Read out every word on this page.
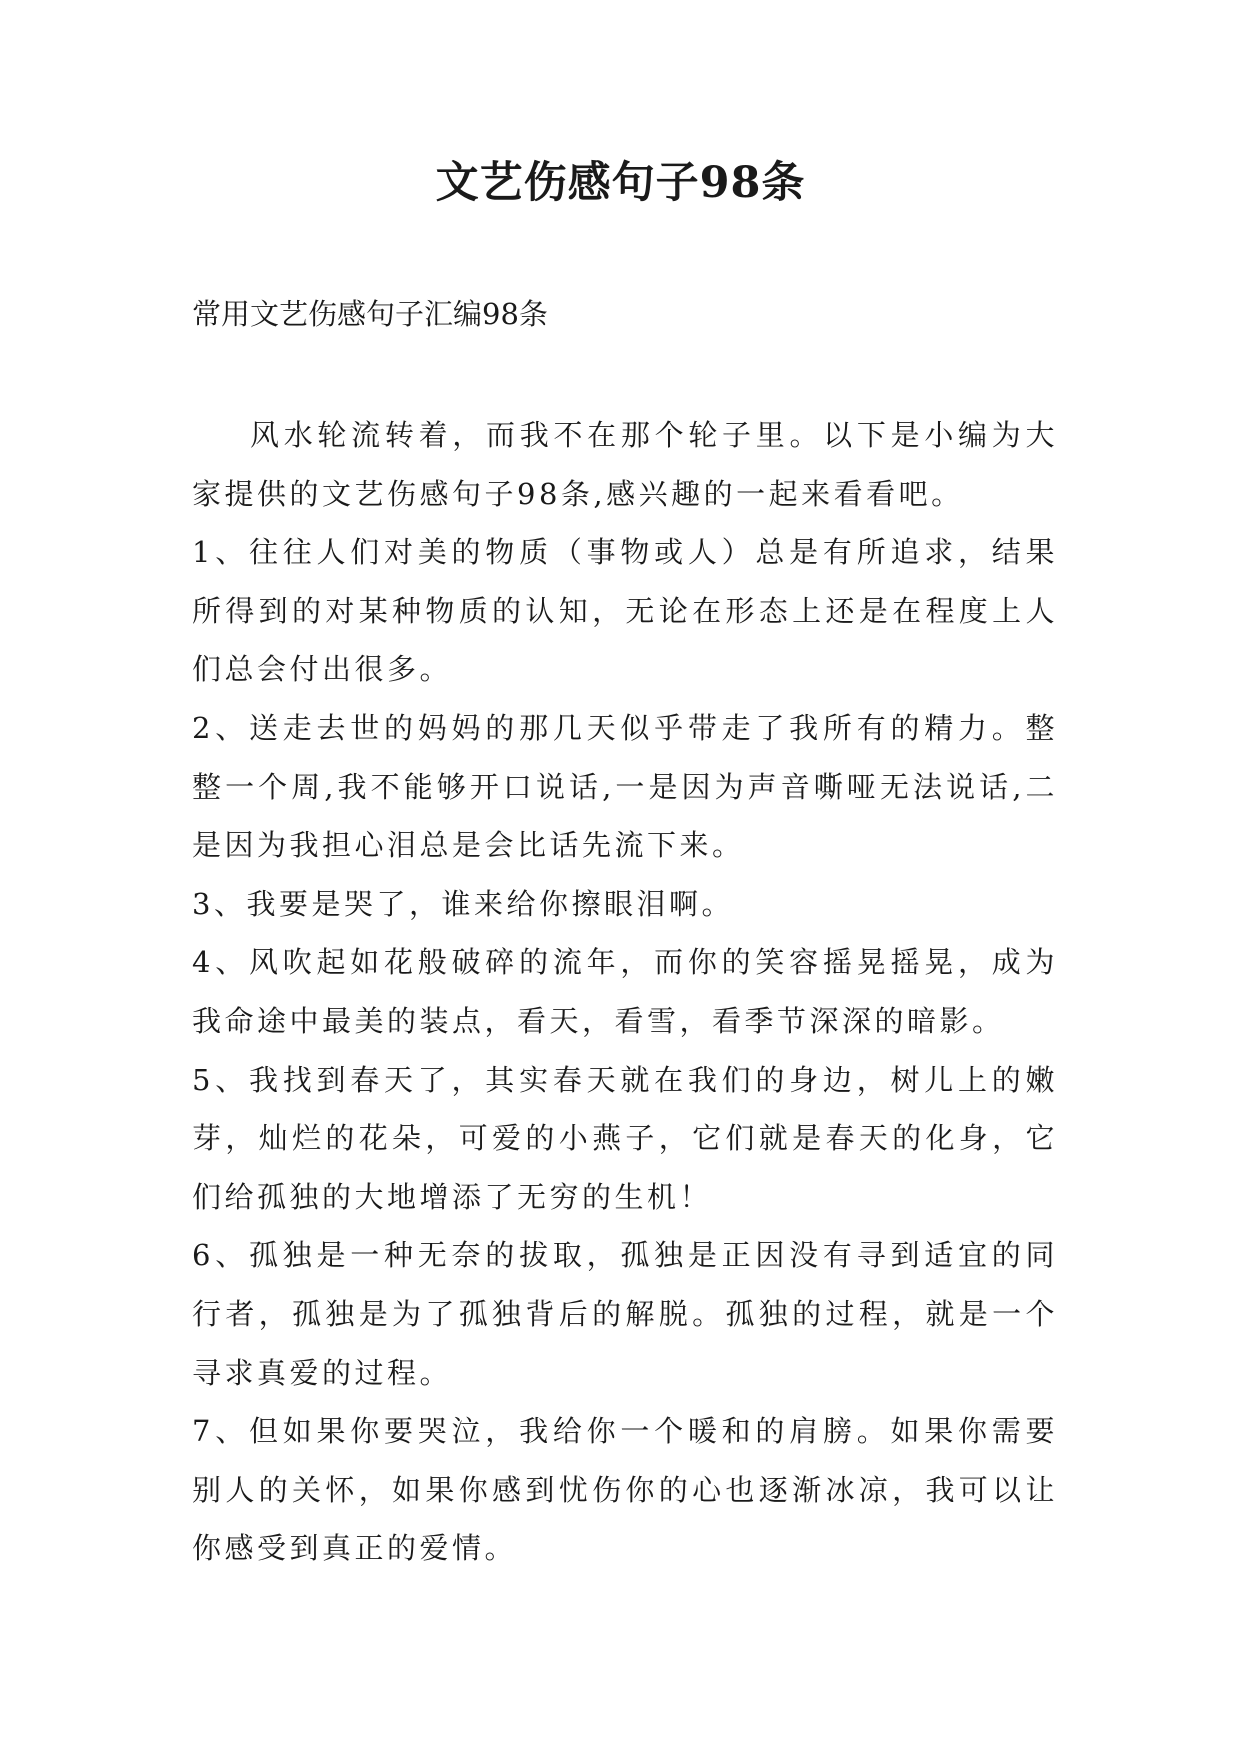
文艺伤感句子98条

常用文艺伤感句子汇编98条

风水轮流转着，而我不在那个轮子里。以下是小编为大家提供的文艺伤感句子98条,感兴趣的一起来看看吧。

1、往往人们对美的物质（事物或人）总是有所追求，结果所得到的对某种物质的认知，无论在形态上还是在程度上人们总会付出很多。

2、送走去世的妈妈的那几天似乎带走了我所有的精力。整整一个周,我不能够开口说话,一是因为声音嘶哑无法说话,二是因为我担心泪总是会比话先流下来。

3、我要是哭了，谁来给你擦眼泪啊。

4、风吹起如花般破碎的流年，而你的笑容摇晃摇晃，成为我命途中最美的装点，看天，看雪，看季节深深的暗影。

5、我找到春天了，其实春天就在我们的身边，树儿上的嫩芽，灿烂的花朵，可爱的小燕子，它们就是春天的化身，它们给孤独的大地增添了无穷的生机！

6、孤独是一种无奈的拔取，孤独是正因没有寻到适宜的同行者，孤独是为了孤独背后的解脱。孤独的过程，就是一个寻求真爱的过程。

7、但如果你要哭泣，我给你一个暖和的肩膀。如果你需要别人的关怀，如果你感到忧伤你的心也逐渐冰凉，我可以让你感受到真正的爱情。
